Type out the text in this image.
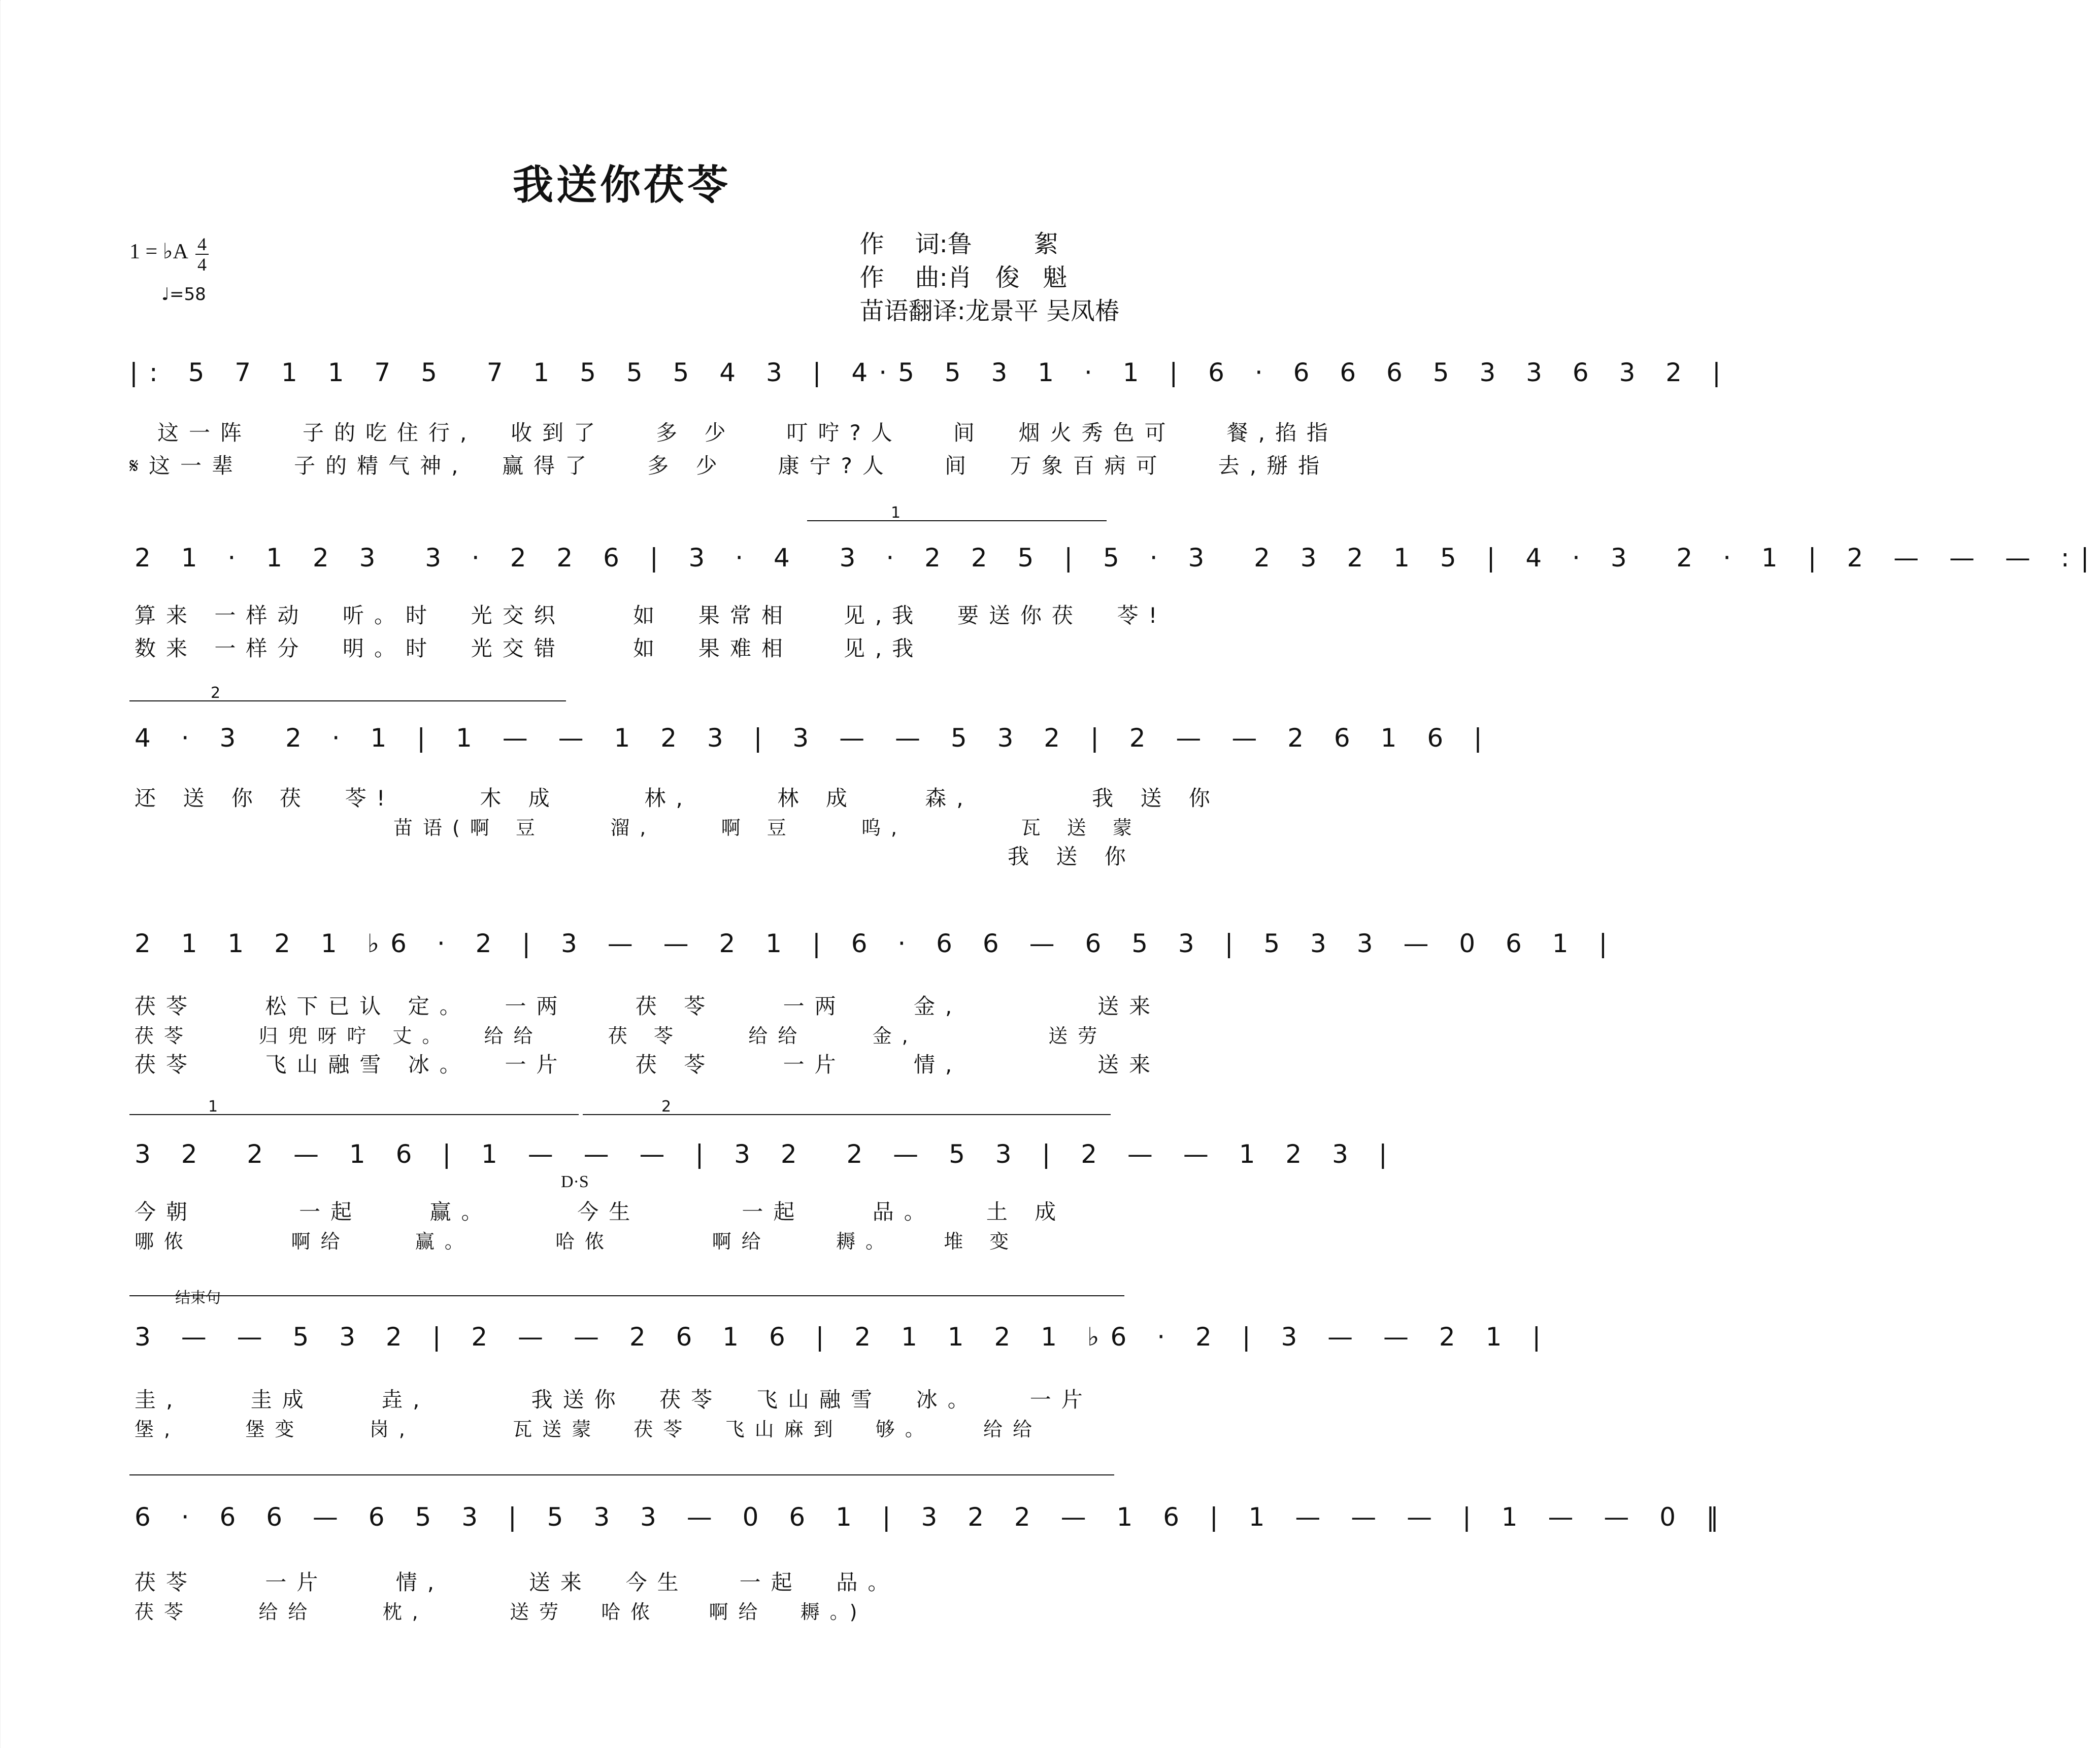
我送你茯苓
1 = ♭A 4
4
♩=58
作    词:鲁        絮
作    曲:肖   俊   魁
苗语翻译:龙景平 吴凤椿
|: 5 7 1 1 7 5  7 1 5 5 5 4 3 | 4·5 5 3 1 · 1 | 6 · 6 6 6 5 3 3 6 3 2 |
这一阵   子的吃住行,  收到了   多 少   叮咛?人   间  烟火秀色可   餐,掐指
𝄋这一辈   子的精气神,  赢得了   多 少   康宁?人   间  万象百病可   去,掰指
1
2 1 · 1 2 3  3 · 2 2 6 | 3 · 4  3 · 2 2 5 | 5 · 3  2 3 2 1 5 | 4 · 3  2 · 1 | 2 — — — :|
算来 一样动  听。时  光交织    如  果常相   见,我  要送你茯  苓!
数来 一样分  明。时  光交错    如  果难相   见,我
2
4 · 3  2 · 1 | 1 — — 1 2 3 | 3 — — 5 3 2 | 2 — — 2 6 1 6 |
还 送 你 茯  苓!     木 成     林,     林 成    森,       我 送 你
苗语(啊 豆    溜,    啊 豆    呜,       瓦 送 蒙
我 送 你
2 1 1 2 1 ♭6 · 2 | 3 — — 2 1 | 6 · 6 6 — 6 5 3 | 5 3 3 — 0 6 1 |
茯苓    松下已认 定。  一两    茯 苓    一两    金,        送来
茯苓    归兜呀咛 丈。  给给    茯 苓    给给    金,        送劳
茯苓    飞山融雪 冰。  一片    茯 苓    一片    情,        送来
1	2
3 2  2 — 1 6 | 1 — — — | 3 2  2 — 5 3 | 2 — — 1 2 3 |
D·S
今朝      一起    赢。     今生      一起    品。   土 成
哪侬      啊给    赢。     哈侬      啊给    耨。   堆 变
结束句
3 — — 5 3 2 | 2 — — 2 6 1 6 | 2 1 1 2 1 ♭6 · 2 | 3 — — 2 1 |
圭,    圭成    垚,      我送你  茯苓  飞山融雪  冰。   一片
堡,    堡变    岗,      瓦送蒙  茯苓  飞山麻到  够。   给给
6 · 6 6 — 6 5 3 | 5 3 3 — 0 6 1 | 3 2 2 — 1 6 | 1 — — — | 1 — — 0 ‖
茯苓    一片    情,     送来  今生   一起  品。
茯苓    给给    枕,     送劳  哈侬   啊给  耨。)
